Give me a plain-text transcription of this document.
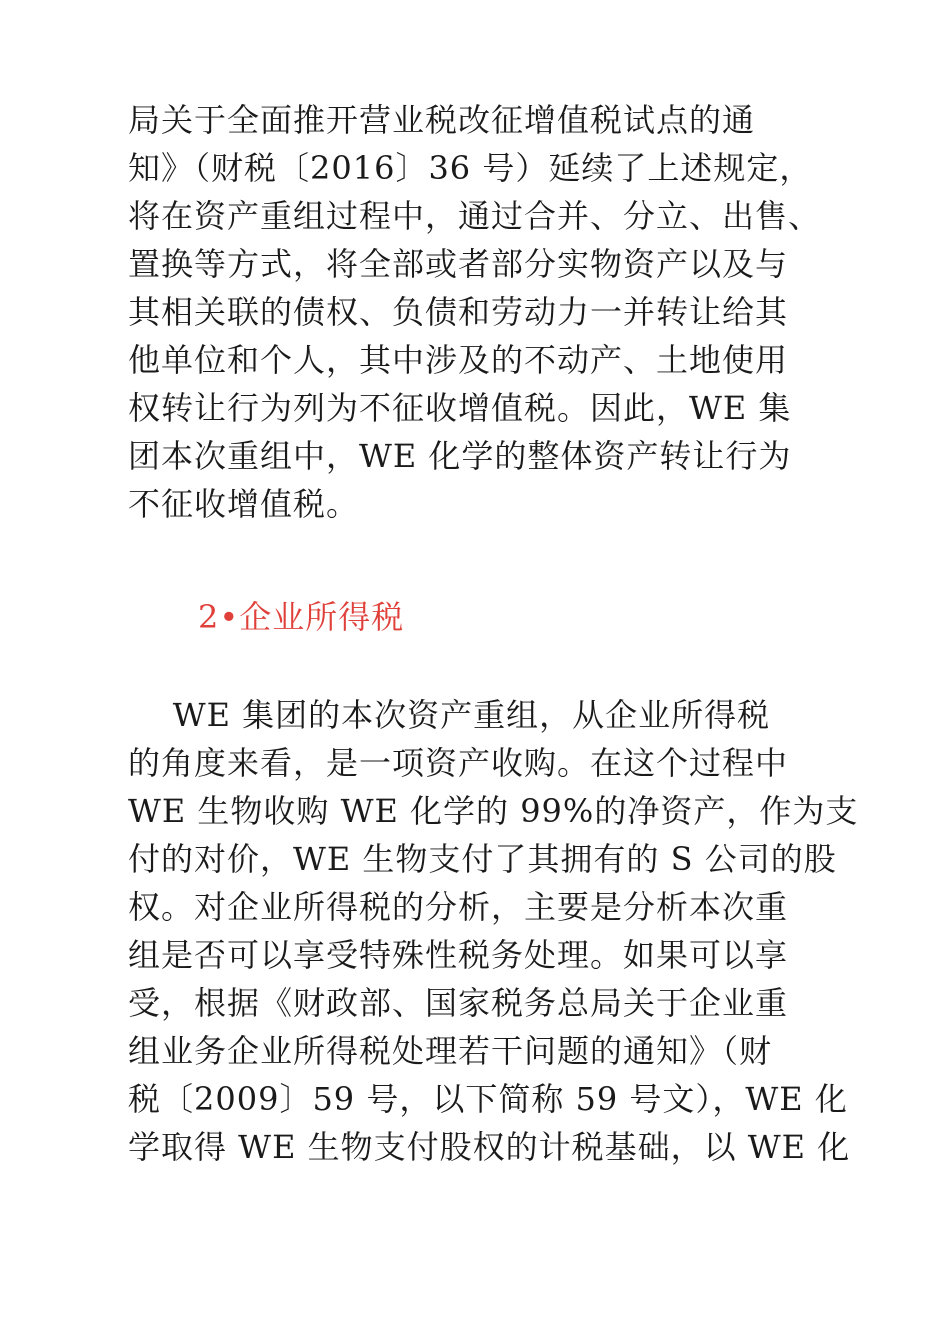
局关于全面推开营业税改征增值税试点的通
知》（财税〔2016〕36 号）延续了上述规定，
将在资产重组过程中，通过合并、分立、出售、
置换等方式，将全部或者部分实物资产以及与
其相关联的债权、负债和劳动力一并转让给其
他单位和个人，其中涉及的不动产、土地使用
权转让行为列为不征收增值税。因此，WE 集
团本次重组中，WE 化学的整体资产转让行为
不征收增值税。
2•企业所得税
WE 集团的本次资产重组，从企业所得税
的角度来看，是一项资产收购。在这个过程中
WE 生物收购 WE 化学的 99%的净资产，作为支
付的对价，WE 生物支付了其拥有的 S 公司的股
权。对企业所得税的分析，主要是分析本次重
组是否可以享受特殊性税务处理。如果可以享
受，根据《财政部、国家税务总局关于企业重
组业务企业所得税处理若干问题的通知》（财
税〔2009〕59 号，以下简称 59 号文），WE 化
学取得 WE 生物支付股权的计税基础，以 WE 化
